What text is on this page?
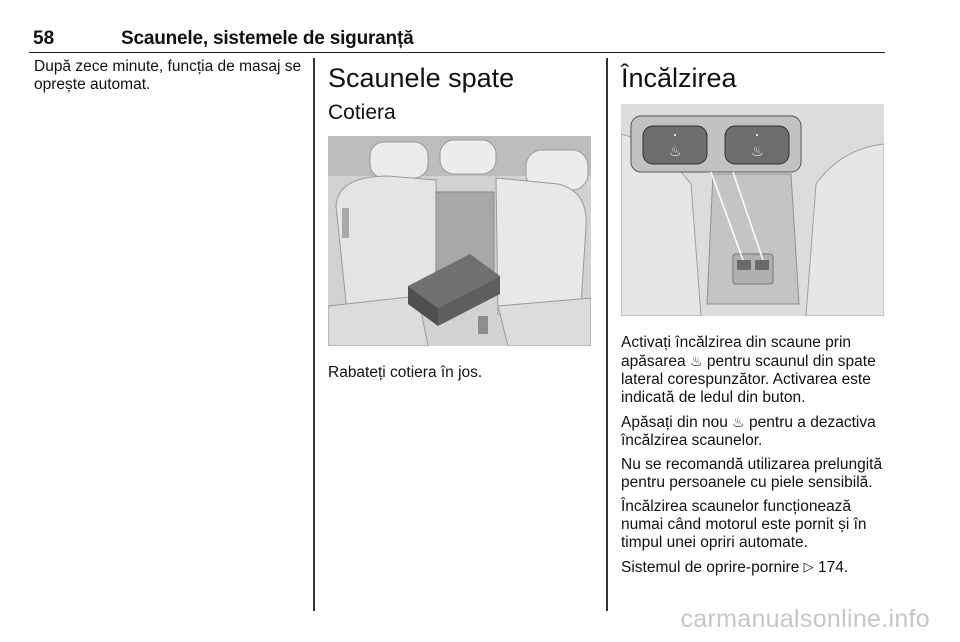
58	Scaunele, sistemele de siguranță

După zece minute, funcția de masaj se oprește automat.	Scaunele spate
Cotiera

Rabateți cotiera în jos.

Încălzirea
♨	♨

Activați încălzirea din scaune prin apăsarea ♨ pentru scaunul din spate lateral corespunzător. Activarea este indicată de ledul din buton.

Apăsați din nou ♨ pentru a dezactiva încălzirea scaunelor.

Nu se recomandă utilizarea prelungită pentru persoanele cu piele sensibilă.

Încălzirea scaunelor funcționează numai când motorul este pornit și în timpul unei opriri automate.

Sistemul de oprire-pornire ▷ 174.

carmanualsonline.info
